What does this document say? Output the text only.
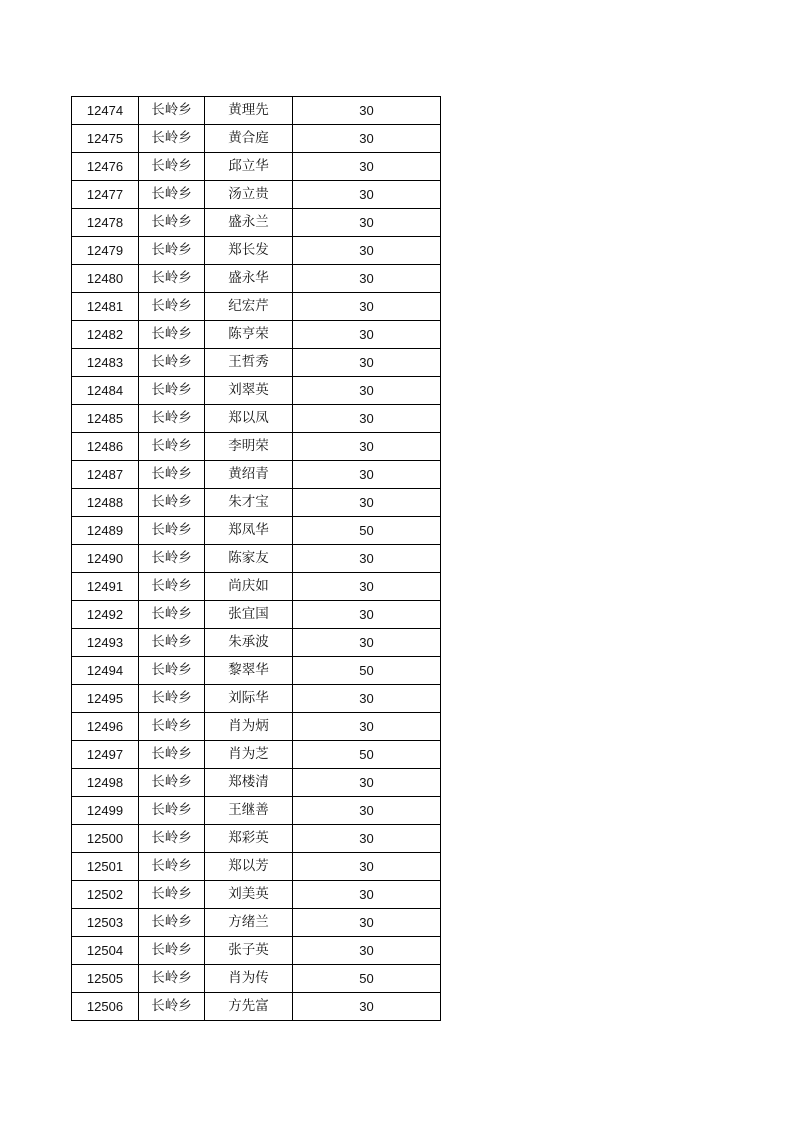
12474	长岭乡	黄理先	30
12475	长岭乡	黄合庭	30
12476	长岭乡	邱立华	30
12477	长岭乡	汤立贵	30
12478	长岭乡	盛永兰	30
12479	长岭乡	郑长发	30
12480	长岭乡	盛永华	30
12481	长岭乡	纪宏芹	30
12482	长岭乡	陈亨荣	30
12483	长岭乡	王哲秀	30
12484	长岭乡	刘翠英	30
12485	长岭乡	郑以凤	30
12486	长岭乡	李明荣	30
12487	长岭乡	黄绍青	30
12488	长岭乡	朱才宝	30
12489	长岭乡	郑凤华	50
12490	长岭乡	陈家友	30
12491	长岭乡	尚庆如	30
12492	长岭乡	张宜国	30
12493	长岭乡	朱承波	30
12494	长岭乡	黎翠华	50
12495	长岭乡	刘际华	30
12496	长岭乡	肖为炳	30
12497	长岭乡	肖为芝	50
12498	长岭乡	郑楼清	30
12499	长岭乡	王继善	30
12500	长岭乡	郑彩英	30
12501	长岭乡	郑以芳	30
12502	长岭乡	刘美英	30
12503	长岭乡	方绪兰	30
12504	长岭乡	张子英	30
12505	长岭乡	肖为传	50
12506	长岭乡	方先富	30
